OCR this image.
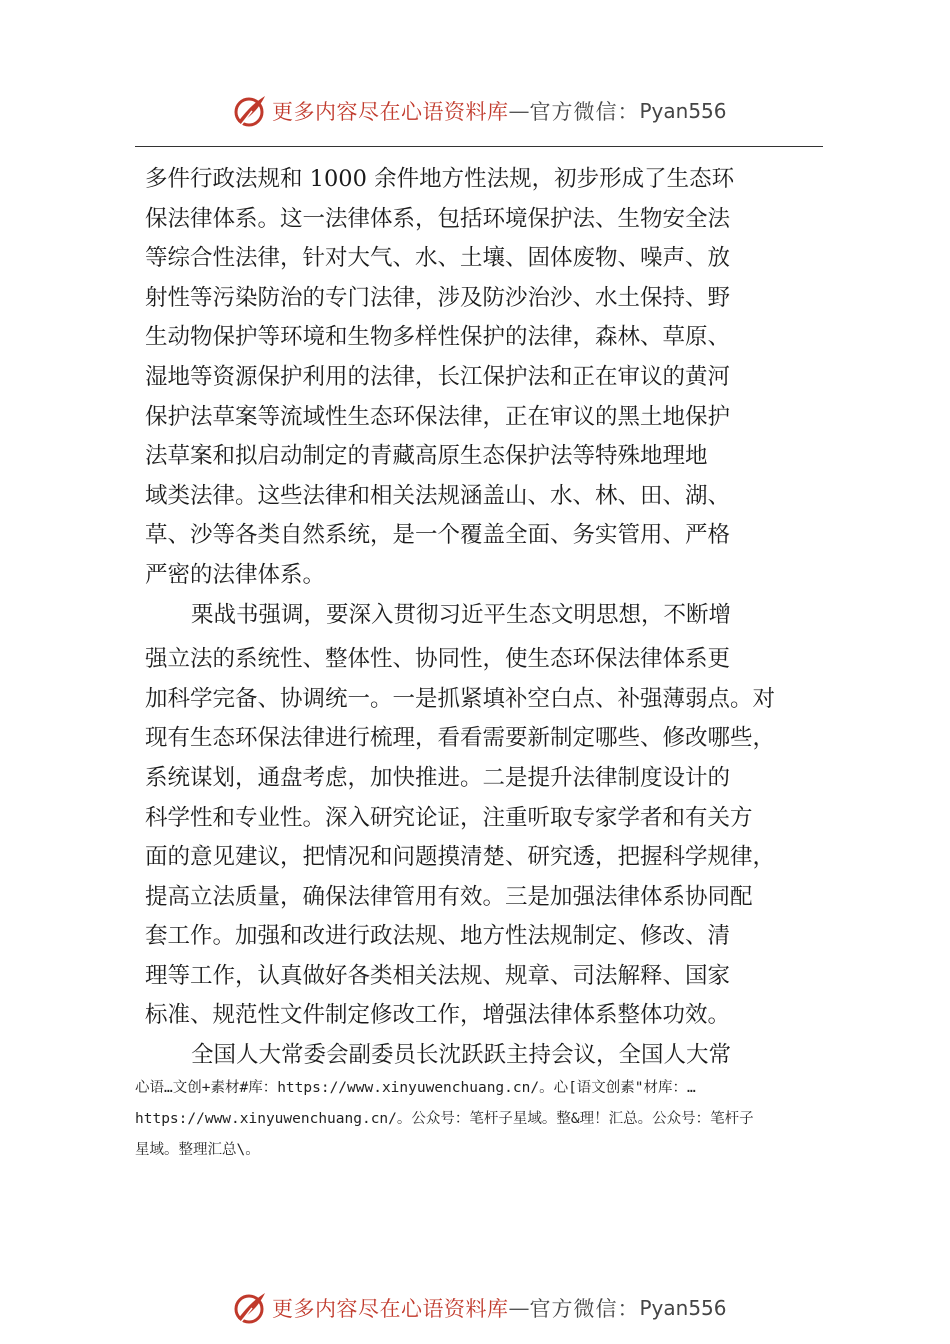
更多内容尽在心语资料库 — 官方微信： Pyan556
多件行政法规和 1000 余件地方性法规，初步形成了生态环
保法律体系。这一法律体系，包括环境保护法、生物安全法
等综合性法律，针对大气、水、土壤、固体废物、噪声、放
射性等污染防治的专门法律，涉及防沙治沙、水土保持、野
生动物保护等环境和生物多样性保护的法律，森林、草原、
湿地等资源保护利用的法律，长江保护法和正在审议的黄河
保护法草案等流域性生态环保法律，正在审议的黑土地保护
法草案和拟启动制定的青藏高原生态保护法等特殊地理地
域类法律。这些法律和相关法规涵盖山、水、林、田、湖、
草、沙等各类自然系统，是一个覆盖全面、务实管用、严格
严密的法律体系。
栗战书强调，要深入贯彻习近平生态文明思想，不断增
强立法的系统性、整体性、协同性，使生态环保法律体系更
加科学完备、协调统一。一是抓紧填补空白点、补强薄弱点。对
现有生态环保法律进行梳理，看看需要新制定哪些、修改哪些，
系统谋划，通盘考虑，加快推进。二是提升法律制度设计的
科学性和专业性。深入研究论证，注重听取专家学者和有关方
面的意见建议，把情况和问题摸清楚、研究透，把握科学规律，
提高立法质量，确保法律管用有效。三是加强法律体系协同配
套工作。加强和改进行政法规、地方性法规制定、修改、清
理等工作，认真做好各类相关法规、规章、司法解释、国家
标准、规范性文件制定修改工作，增强法律体系整体功效。
全国人大常委会副委员长沈跃跃主持会议，全国人大常
心语…文创+素材#库：https://www.xinyuwenchuang.cn/。心[语文创素"材库：…
https://www.xinyuwenchuang.cn/。公众号：笔杆子星域。整&理！汇总。公众号：笔杆子
星域。整理汇总\。
更多内容尽在心语资料库 — 官方微信： Pyan556
